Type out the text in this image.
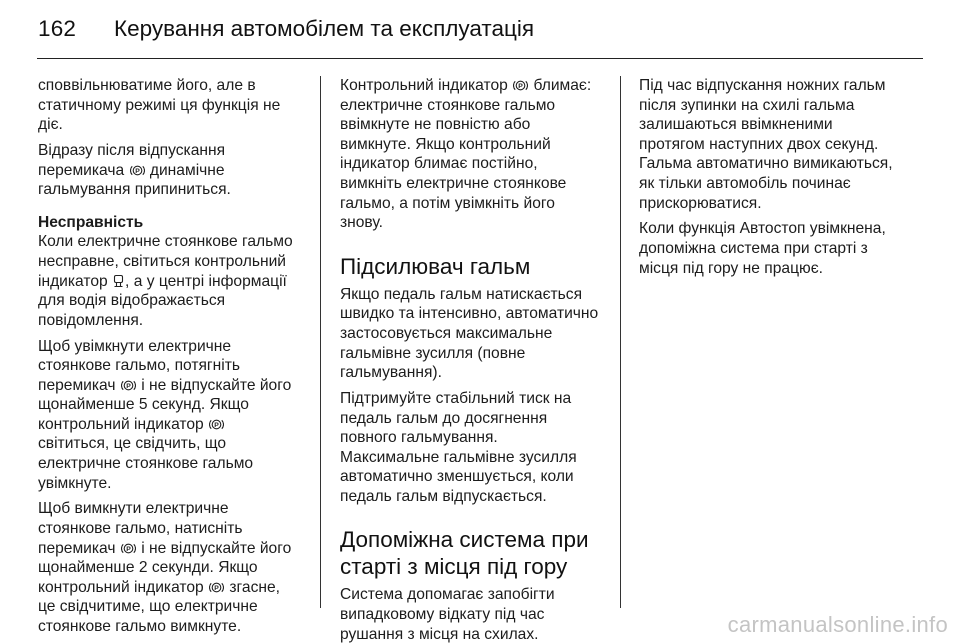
162	Керування автомобілем та експлуатація

споввільнюватиме його, але в
статичному режимі ця функція не
діє.

Відразу після відпускання
перемикача P динамічне
гальмування припиниться.

Несправність

Коли електричне стоянкове гальмо
несправне, світиться контрольний
індикатор , а у центрі інформації
для водія відображається
повідомлення.

Щоб увімкнути електричне
стоянкове гальмо, потягніть
перемикач P і не відпускайте його
щонайменше 5 секунд. Якщо
контрольний індикатор P
світиться, це свідчить, що
електричне стоянкове гальмо
увімкнуте.

Щоб вимкнути електричне
стоянкове гальмо, натисніть
перемикач P і не відпускайте його
щонайменше 2 секунди. Якщо
контрольний індикатор P згасне,
це свідчитиме, що електричне
стоянкове гальмо вимкнуте.

Контрольний індикатор P блимає:
електричне стоянкове гальмо
ввімкнуте не повністю або
вимкнуте. Якщо контрольний
індикатор блимає постійно,
вимкніть електричне стоянкове
гальмо, а потім увімкніть його
знову.

Підсилювач гальм

Якщо педаль гальм натискається
швидко та інтенсивно, автоматично
застосовується максимальне
гальмівне зусилля (повне
гальмування).

Підтримуйте стабільний тиск на
педаль гальм до досягнення
повного гальмування.
Максимальне гальмівне зусилля
автоматично зменшується, коли
педаль гальм відпускається.

Допоміжна система при
старті з місця під гору

Система допомагає запобігти
випадковому відкату під час
рушання з місця на схилах.

Під час відпускання ножних гальм
після зупинки на схилі гальма
залишаються ввімкненими
протягом наступних двох секунд.
Гальма автоматично вимикаються,
як тільки автомобіль починає
прискорюватися.

Коли функція Автостоп увімкнена,
допоміжна система при старті з
місця під гору не працює.

carmanualsonline.info
